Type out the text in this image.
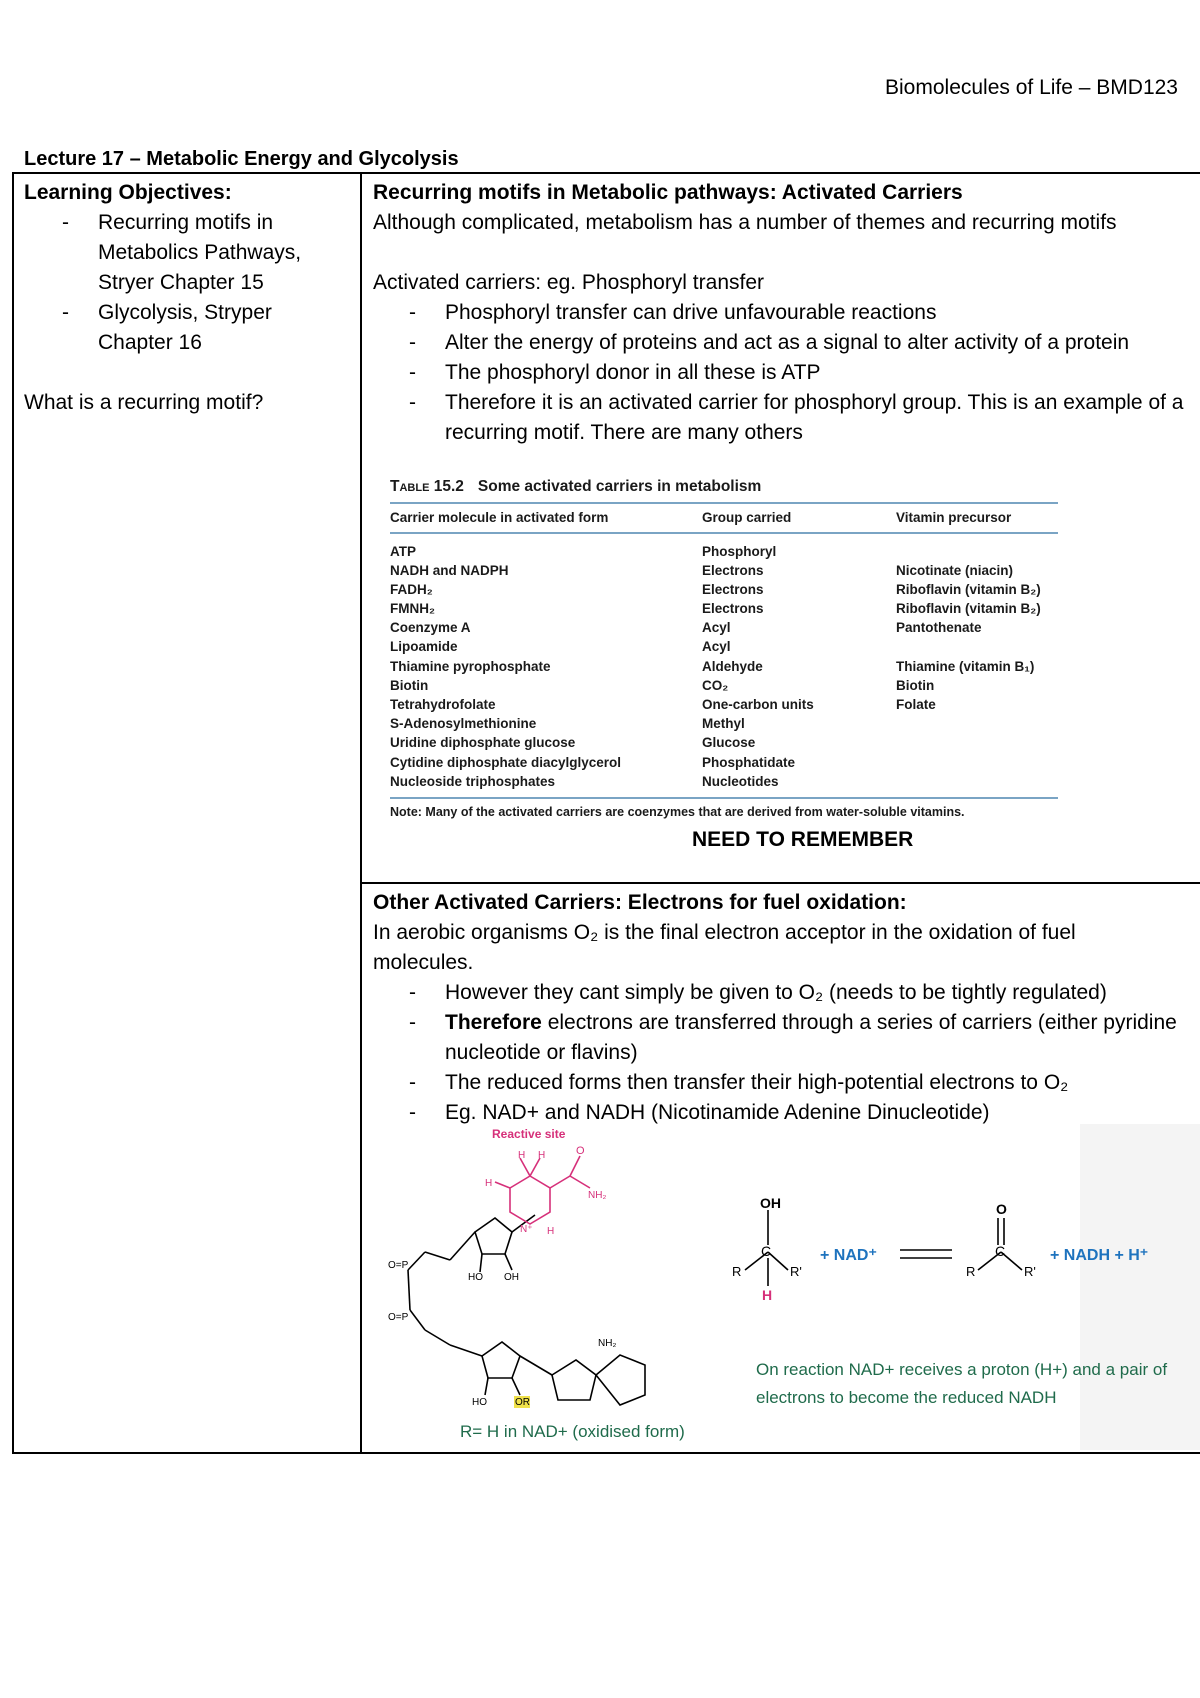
Biomolecules of Life – BMD123
Lecture 17 – Metabolic Energy and Glycolysis
Learning Objectives:
- Recurring motifs in Metabolics Pathways, Stryer Chapter 15
- Glycolysis, Stryper Chapter 16

What is a recurring motif?

Recurring motifs in Metabolic pathways: Activated Carriers

Although complicated, metabolism has a number of themes and recurring motifs

Activated carriers: eg. Phosphoryl transfer

- Phosphoryl transfer can drive unfavourable reactions
- Alter the energy of proteins and act as a signal to alter activity of a protein
- The phosphoryl donor in all these is ATP
- Therefore it is an activated carrier for phosphoryl group. This is an example of a recurring motif. There are many others
Table 15.2 Some activated carriers in metabolism
Carrier molecule in activated form	Group carried	Vitamin precursor
ATP	Phosphoryl
NADH and NADPH	Electrons	Nicotinate (niacin)
FADH₂	Electrons	Riboflavin (vitamin B₂)
FMNH₂	Electrons	Riboflavin (vitamin B₂)
Coenzyme A	Acyl	Pantothenate
Lipoamide	Acyl
Thiamine pyrophosphate	Aldehyde	Thiamine (vitamin B₁)
Biotin	CO₂	Biotin
Tetrahydrofolate	One-carbon units	Folate
S-Adenosylmethionine	Methyl
Uridine diphosphate glucose	Glucose
Cytidine diphosphate diacylglycerol	Phosphatidate
Nucleoside triphosphates	Nucleotides
Note: Many of the activated carriers are coenzymes that are derived from water-soluble vitamins.
NEED TO REMEMBER
Other Activated Carriers: Electrons for fuel oxidation:

In aerobic organisms O₂ is the final electron acceptor in the oxidation of fuel molecules.

- However they cant simply be given to O₂ (needs to be tightly regulated)
- Therefore electrons are transferred through a series of carriers (either pyridine
nucleotide or flavins)
- The reduced forms then transfer their high-potential electrons to O₂
- Eg. NAD+ and NADH (Nicotinamide Adenine Dinucleotide)
Reactive site
O
NH₂
H H
H
N⁺ H
NH₂
O=P
O=P
HO OH
HO	OR
OH
C
R	R'
H
+ NAD⁺
O
C
R	R'
+ NADH + H⁺
On reaction NAD+ receives a proton (H+) and a pair of
electrons to become the reduced NADH
R= H in NAD+ (oxidised form)
